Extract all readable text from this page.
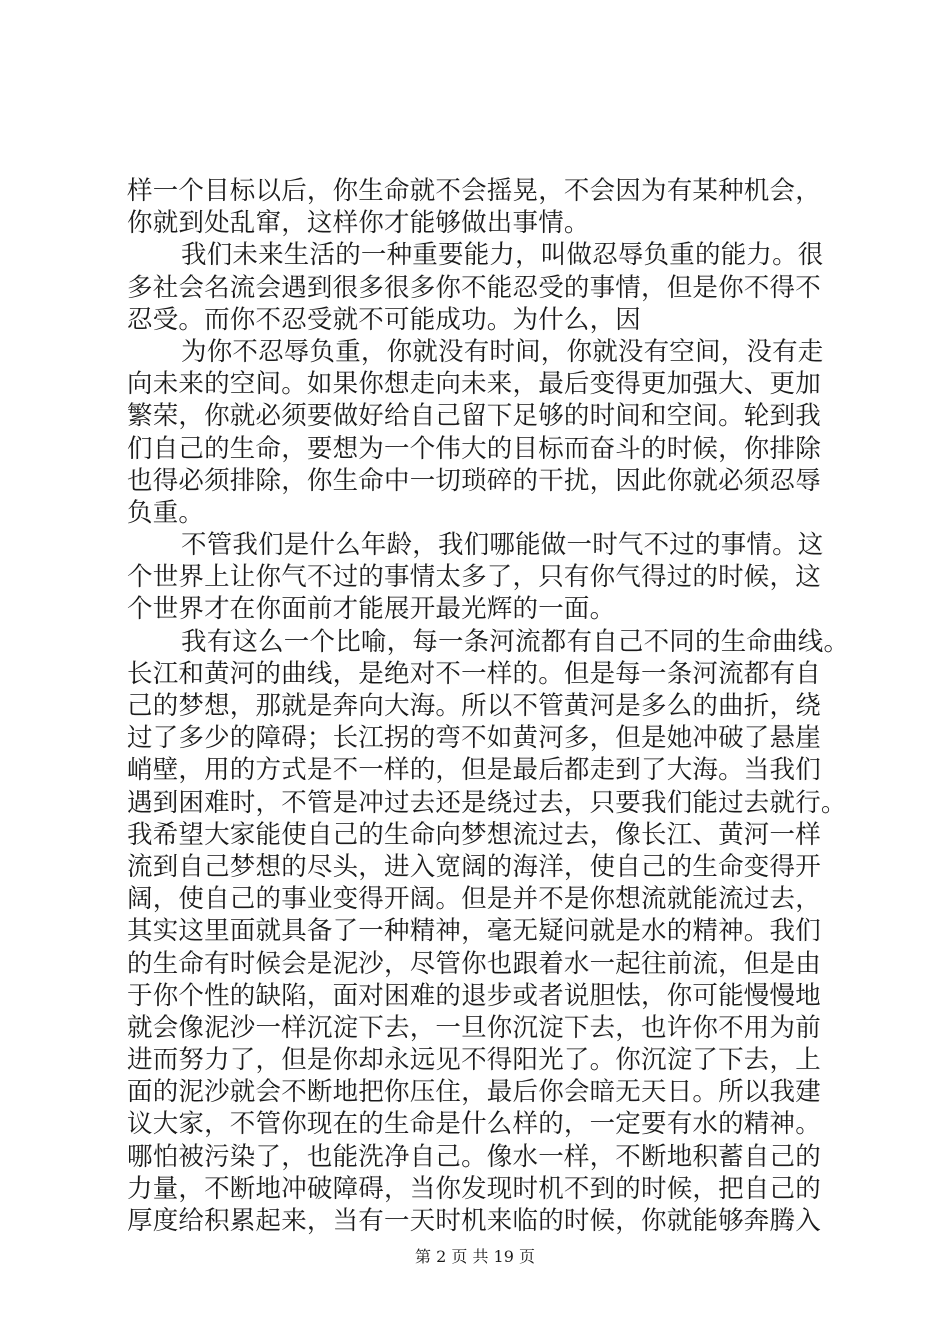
样一个目标以后，你生命就不会摇晃，不会因为有某种机会，
你就到处乱窜，这样你才能够做出事情。
我们未来生活的一种重要能力，叫做忍辱负重的能力。很
多社会名流会遇到很多很多你不能忍受的事情，但是你不得不
忍受。而你不忍受就不可能成功。为什么，因
为你不忍辱负重，你就没有时间，你就没有空间，没有走
向未来的空间。如果你想走向未来，最后变得更加强大、更加
繁荣，你就必须要做好给自己留下足够的时间和空间。轮到我
们自己的生命，要想为一个伟大的目标而奋斗的时候，你排除
也得必须排除，你生命中一切琐碎的干扰，因此你就必须忍辱
负重。
不管我们是什么年龄，我们哪能做一时气不过的事情。这
个世界上让你气不过的事情太多了，只有你气得过的时候，这
个世界才在你面前才能展开最光辉的一面。
我有这么一个比喻，每一条河流都有自己不同的生命曲线。
长江和黄河的曲线，是绝对不一样的。但是每一条河流都有自
己的梦想，那就是奔向大海。所以不管黄河是多么的曲折，绕
过了多少的障碍；长江拐的弯不如黄河多，但是她冲破了悬崖
峭壁，用的方式是不一样的，但是最后都走到了大海。当我们
遇到困难时，不管是冲过去还是绕过去，只要我们能过去就行。
我希望大家能使自己的生命向梦想流过去，像长江、黄河一样
流到自己梦想的尽头，进入宽阔的海洋，使自己的生命变得开
阔，使自己的事业变得开阔。但是并不是你想流就能流过去，
其实这里面就具备了一种精神，毫无疑问就是水的精神。我们
的生命有时候会是泥沙，尽管你也跟着水一起往前流，但是由
于你个性的缺陷，面对困难的退步或者说胆怯，你可能慢慢地
就会像泥沙一样沉淀下去，一旦你沉淀下去，也许你不用为前
进而努力了，但是你却永远见不得阳光了。你沉淀了下去，上
面的泥沙就会不断地把你压住，最后你会暗无天日。所以我建
议大家，不管你现在的生命是什么样的，一定要有水的精神。
哪怕被污染了，也能洗净自己。像水一样，不断地积蓄自己的
力量，不断地冲破障碍，当你发现时机不到的时候，把自己的
厚度给积累起来，当有一天时机来临的时候，你就能够奔腾入
第 2 页 共 19 页
